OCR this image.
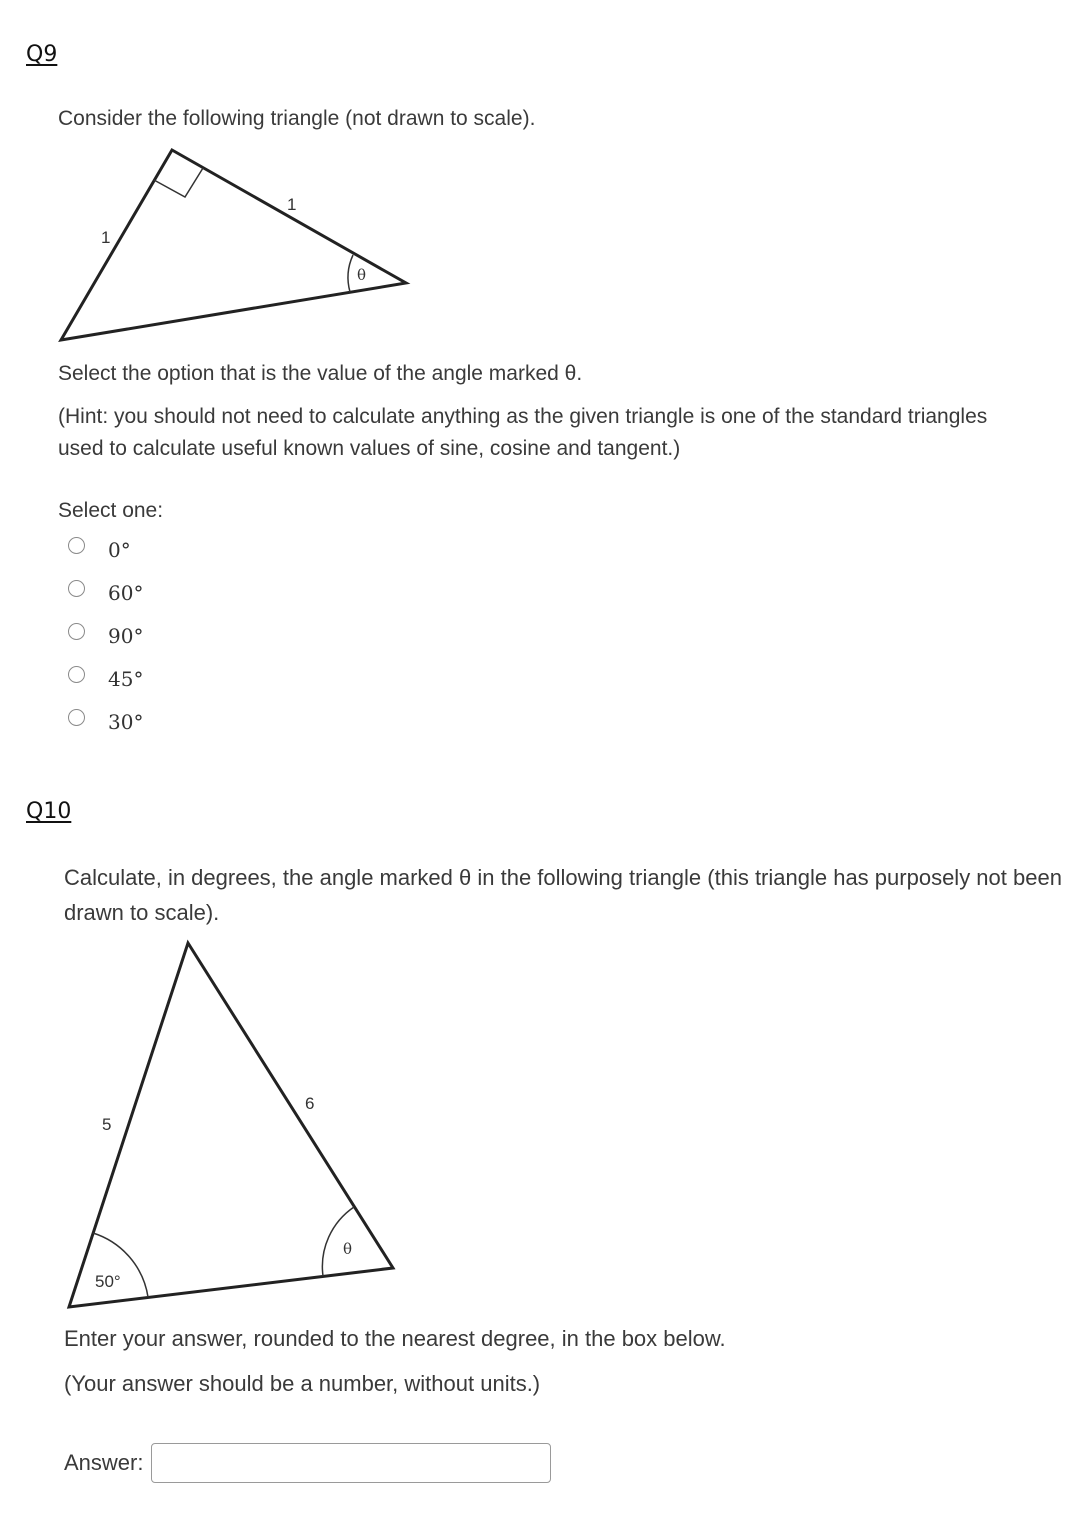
Q9

Consider the following triangle (not drawn to scale).

1
1
θ

Select the option that is the value of the angle marked θ.

(Hint: you should not need to calculate anything as the given triangle is one of the standard triangles used to calculate useful known values of sine, cosine and tangent.)

Select one:

0°
60°
90°
45°
30°
Q10

Calculate, in degrees, the angle marked θ in the following triangle (this triangle has purposely not been drawn to scale).

5
6
50°
θ

Enter your answer, rounded to the nearest degree, in the box below.

(Your answer should be a number, without units.)

Answer:
